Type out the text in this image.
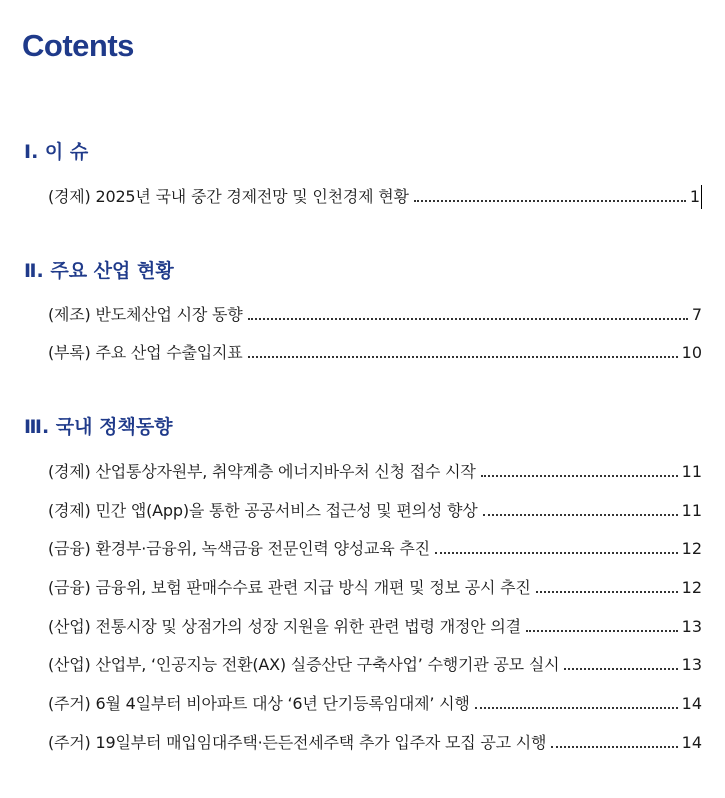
Cotents
Ⅰ. 이 슈
(경제) 2025년 국내 중간 경제전망 및 인천경제 현황	1
Ⅱ. 주요 산업 현황
(제조) 반도체산업 시장 동향	7
(부록) 주요 산업 수출입지표	10
Ⅲ. 국내 정책동향
(경제) 산업통상자원부, 취약계층 에너지바우처 신청 접수 시작	11
(경제) 민간 앱(App)을 통한 공공서비스 접근성 및 편의성 향상	11
(금융) 환경부·금융위, 녹색금융 전문인력 양성교육 추진	12
(금융) 금융위, 보험 판매수수료 관련 지급 방식 개편 및 정보 공시 추진	12
(산업) 전통시장 및 상점가의 성장 지원을 위한 관련 법령 개정안 의결	13
(산업) 산업부, ‘인공지능 전환(AX) 실증산단 구축사업’ 수행기관 공모 실시	13
(주거) 6월 4일부터 비아파트 대상 ‘6년 단기등록임대제’ 시행	14
(주거) 19일부터 매입임대주택·든든전세주택 추가 입주자 모집 공고 시행	14
